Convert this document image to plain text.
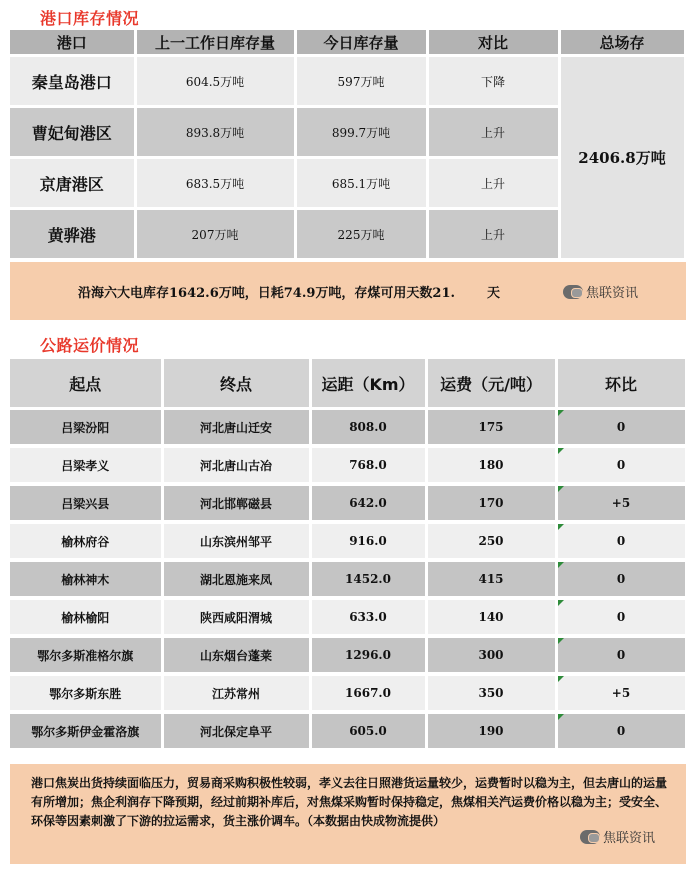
港口库存情况
港口	上一工作日库存量	今日库存量	对比	总场存
秦皇岛港口	604.5万吨	597万吨	下降	2406.8万吨
曹妃甸港区	893.8万吨	899.7万吨	上升	
京唐港区	683.5万吨	685.1万吨	上升	
黄骅港	207万吨	225万吨	上升	
沿海六大电库存1642.6万吨，日耗74.9万吨，存煤可用天数21. 天	焦联资讯
公路运价情况
起点	终点	运距（Km）	运费（元/吨）	环比
吕梁汾阳	河北唐山迁安	808.0	175	0
吕梁孝义	河北唐山古冶	768.0	180	0
吕梁兴县	河北邯郸磁县	642.0	170	+5
榆林府谷	山东滨州邹平	916.0	250	0
榆林神木	湖北恩施来凤	1452.0	415	0
榆林榆阳	陕西咸阳渭城	633.0	140	0
鄂尔多斯准格尔旗	山东烟台蓬莱	1296.0	300	0
鄂尔多斯东胜	江苏常州	1667.0	350	+5
鄂尔多斯伊金霍洛旗	河北保定阜平	605.0	190	0
港口焦炭出货持续面临压力，贸易商采购积极性较弱，孝义去往日照港货运量较少，运费暂时以稳为主，但去唐山的运量有所增加；焦企利润存下降预期，经过前期补库后，对焦煤采购暂时保持稳定，焦煤相关汽运费价格以稳为主；受安全、环保等因素刺激了下游的拉运需求，货主涨价调车。（本数据由快成物流提供）
焦联资讯
